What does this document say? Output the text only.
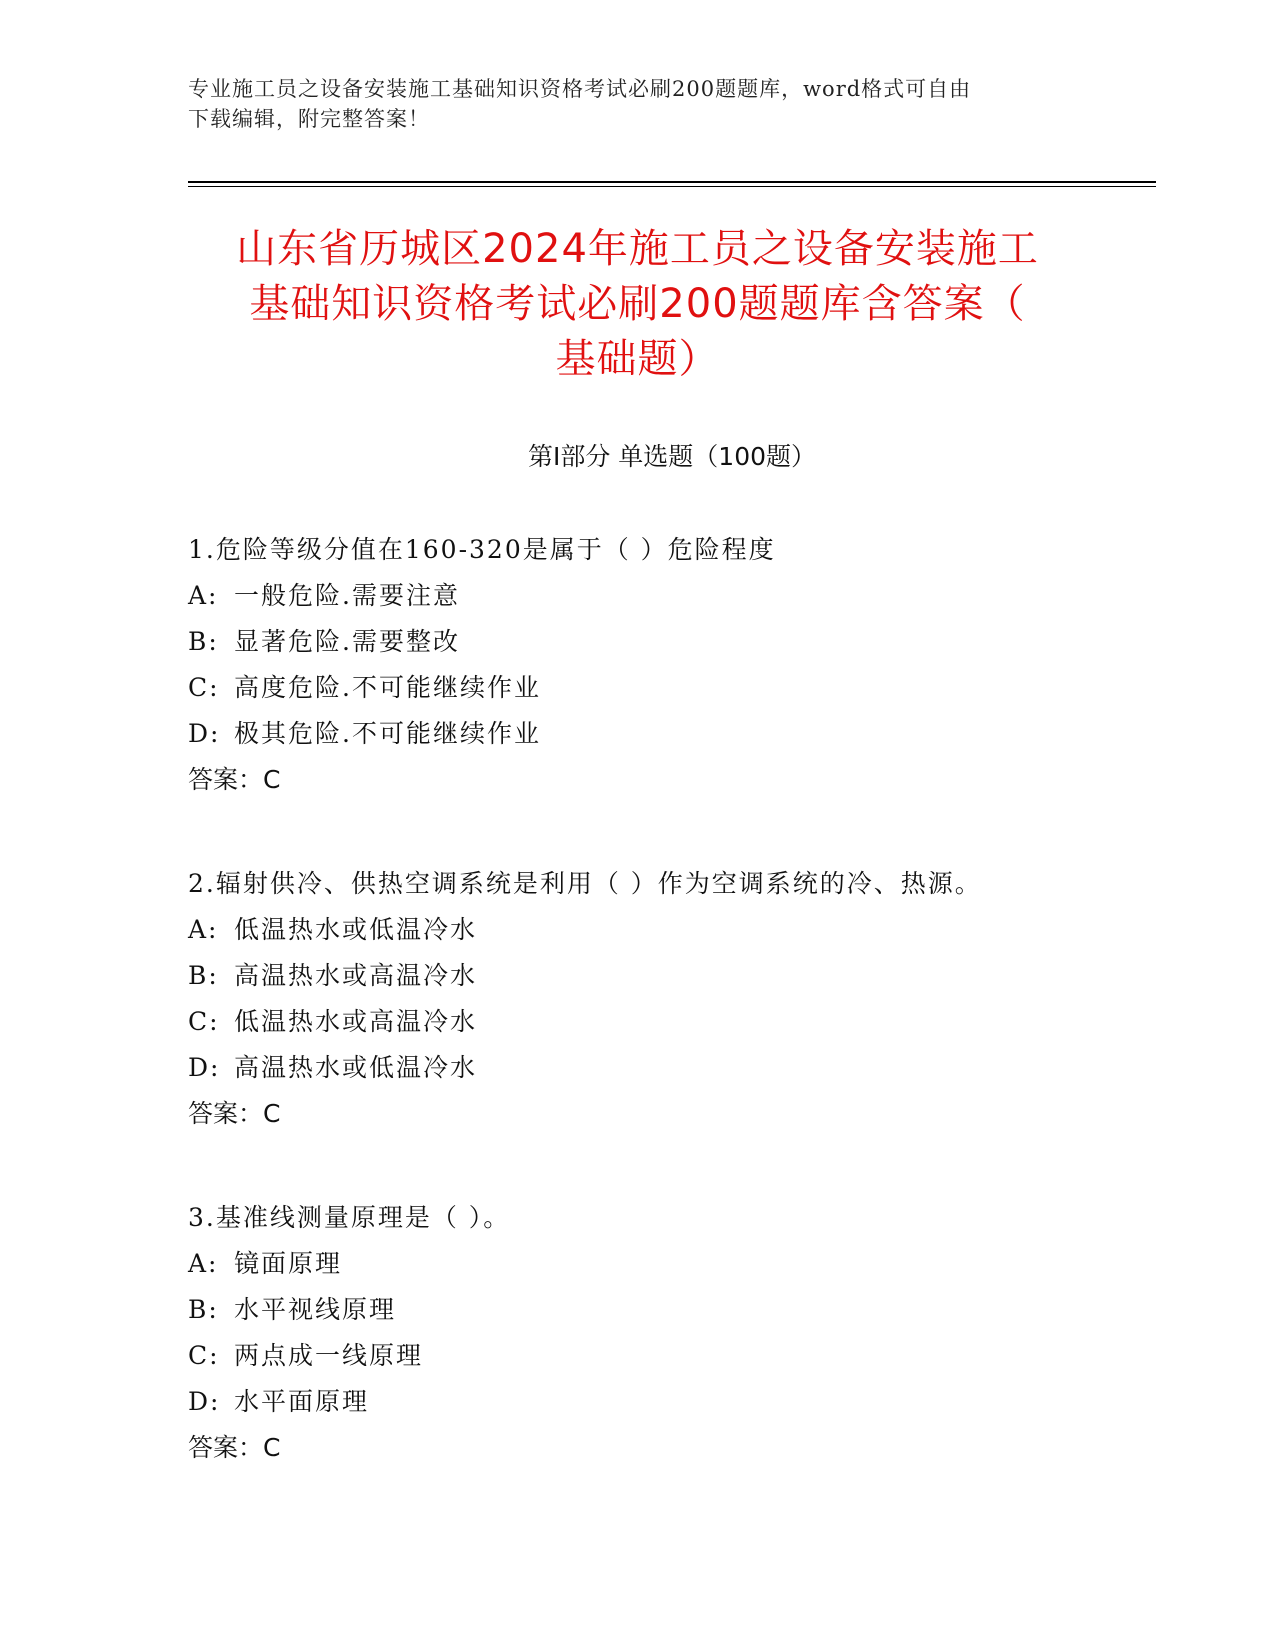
专业施工员之设备安装施工基础知识资格考试必刷200题题库，word格式可自由
下载编辑，附完整答案！
山东省历城区2024年施工员之设备安装施工
基础知识资格考试必刷200题题库含答案（
基础题）
第Ⅰ部分 单选题（100题）
1.危险等级分值在160-320是属于（ ）危险程度
A: 一般危险.需要注意
B: 显著危险.需要整改
C: 高度危险.不可能继续作业
D: 极其危险.不可能继续作业
答案：C
2.辐射供冷、供热空调系统是利用（ ）作为空调系统的冷、热源。
A: 低温热水或低温冷水
B: 高温热水或高温冷水
C: 低温热水或高温冷水
D: 高温热水或低温冷水
答案：C
3.基准线测量原理是（ ）。
A: 镜面原理
B: 水平视线原理
C: 两点成一线原理
D: 水平面原理
答案：C
